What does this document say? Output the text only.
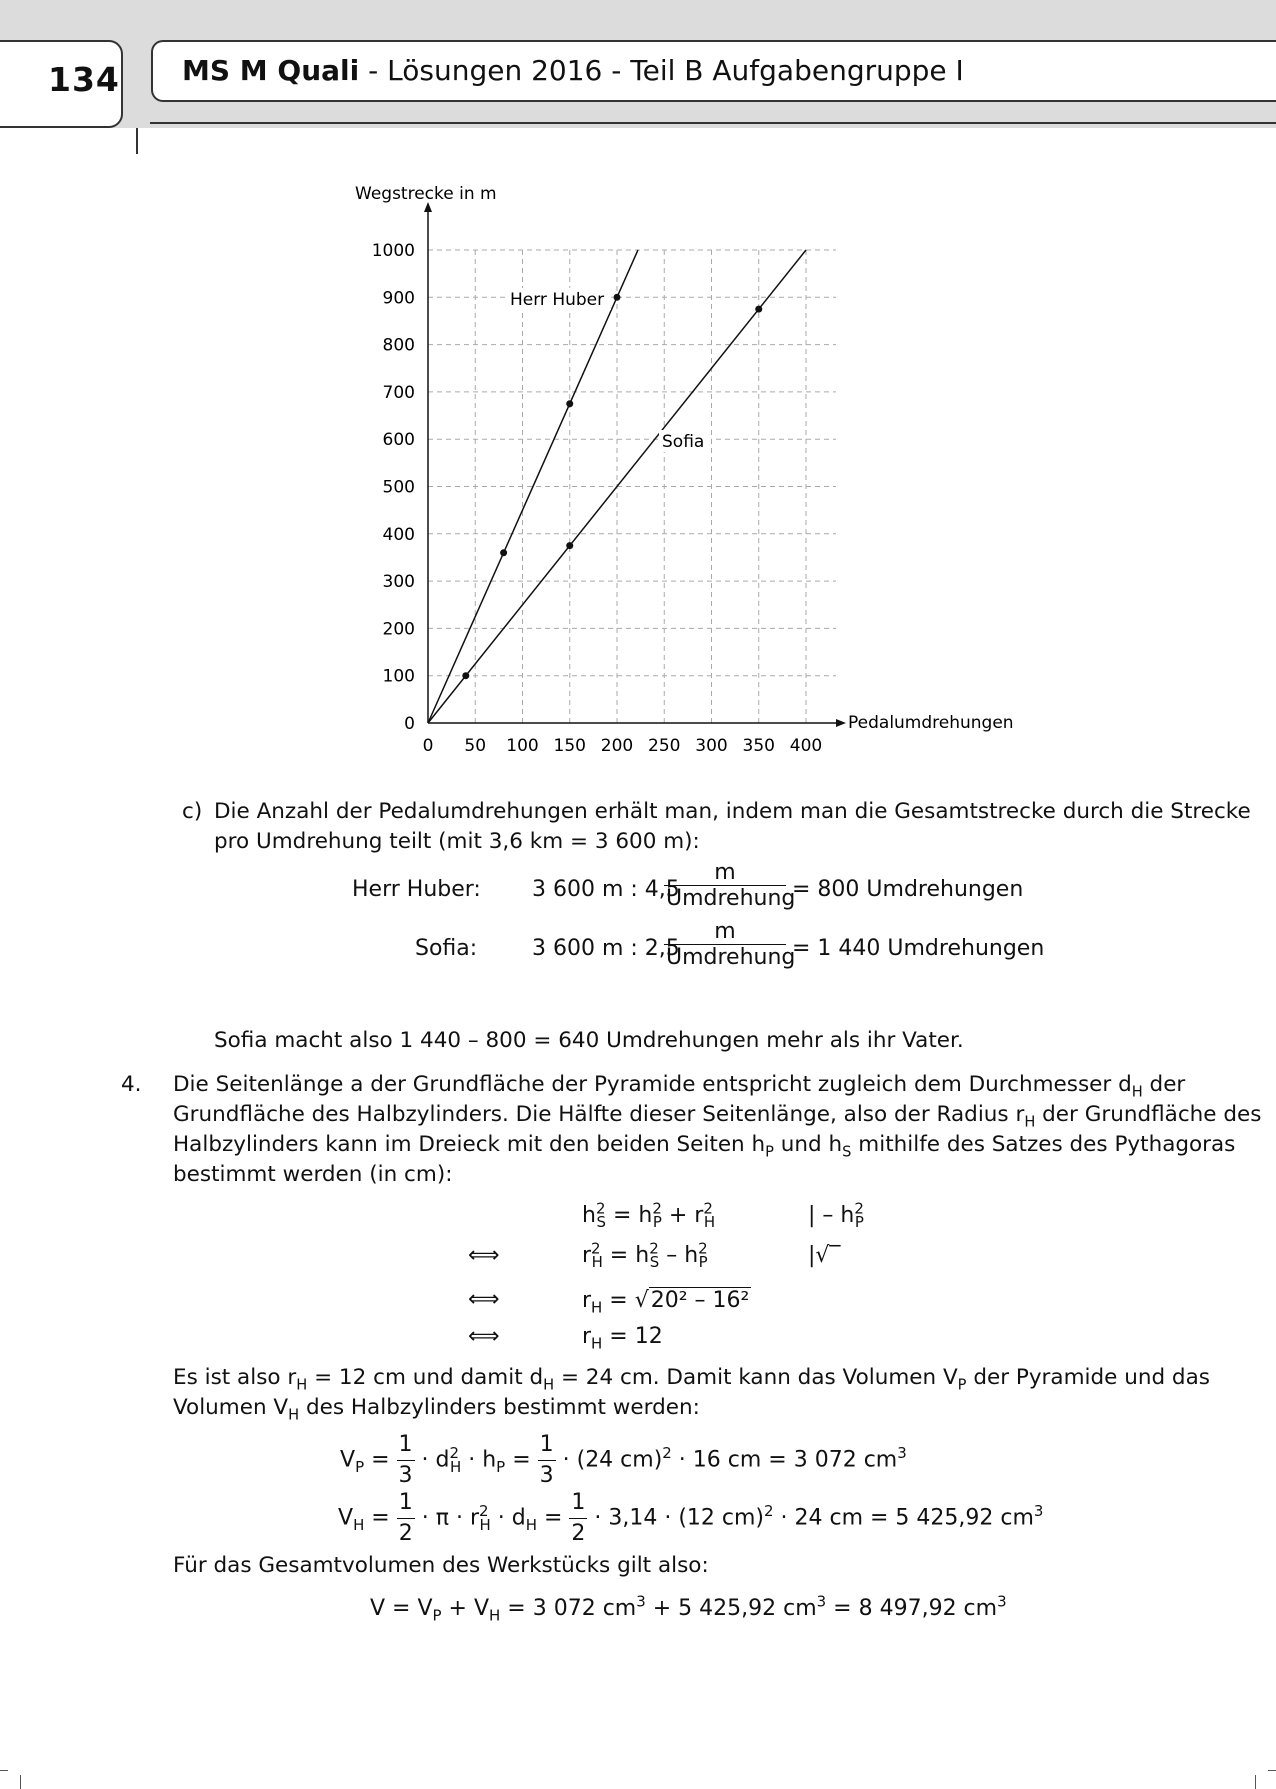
134 MS M Quali - Lösungen 2016 - Teil B Aufgabengruppe I
0 50 100 150 200 250 300 350 400
0
100
200
300
400
500
600
700
800
900
1000
Wegstrecke in m
Pedalumdrehungen
Herr Huber
Sofia
c) Die Anzahl der Pedalumdrehungen erhält man, indem man die Gesamtstrecke durch die Strecke
pro Umdrehung teilt (mit 3,6 km = 3 600 m):
Herr Huber: 3 600 m : 4,5
m
Umdrehung
= 800 Umdrehungen
Sofia: 3 600 m : 2,5
m
Umdrehung
= 1 440 Umdrehungen
Sofia macht also 1 440 – 800 = 640 Umdrehungen mehr als ihr Vater.
4. Die Seitenlänge a der Grundfläche der Pyramide entspricht zugleich dem Durchmesser $d_H$ der
Grundfläche des Halbzylinders. Die Hälfte dieser Seitenlänge, also der Radius $r_H$ der Grundfläche des
Halbzylinders kann im Dreieck mit den beiden Seiten $h_P$ und $h_S$ mithilfe des Satzes des Pythagoras
bestimmt werden (in cm):
$h^2_S = h^2_P + r^2_H$	| – $h^2_P$
⟺	$r^2_H = h^2_S - h^2_P$	|√‾
⟺	$r_H = √20^2 - 16^2$
⟺	$r_H = 12$
Es ist also $r_H = 12$ cm und damit $d_H = 24$ cm. Damit kann das Volumen $V_P$ der Pyramide und das
Volumen $V_H$ des Halbzylinders bestimmt werden:
$V_P = \frac{1}{3} \cdot d^2_H \cdot h_P = \frac{1}{3} \cdot (24$ cm)$^2$ · 16 cm = 3 072 $cm^3$
$V_H = \frac{1}{2} \cdot \pi \cdot r^2_H \cdot d_H = \frac{1}{2} \cdot 3,14 \cdot (12$ cm)$^2$ · 24 cm = 5 425,92 $cm^3$
Für das Gesamtvolumen des Werkstücks gilt also:
$V = V_P + V_H = 3$ 072 $cm^3 + 5$ 425,92 $cm^3 = 8$ 497,92 $cm^3$
